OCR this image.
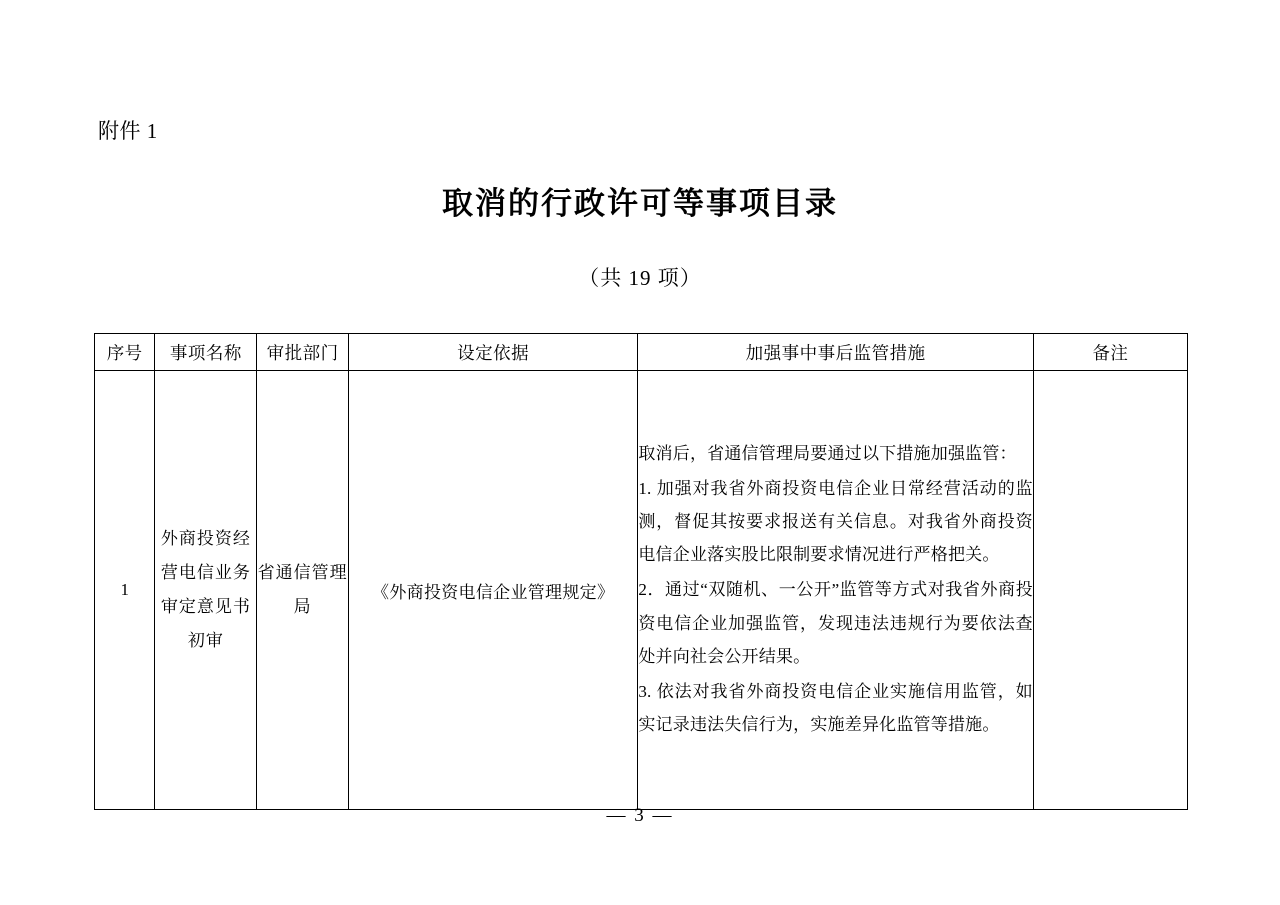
附件 1
取消的行政许可等事项目录
（共 19 项）
序号	事项名称	审批部门	设定依据	加强事中事后监管措施	备注
1	外商投资经营电信业务审定意见书初审	省通信管理局	《外商投资电信企业管理规定》	取消后，省通信管理局要通过以下措施加强监管：

1. 加强对我省外商投资电信企业日常经营活动的监测，督促其按要求报送有关信息。对我省外商投资电信企业落实股比限制要求情况进行严格把关。

2．通过“双随机、一公开”监管等方式对我省外商投资电信企业加强监管，发现违法违规行为要依法查处并向社会公开结果。

3. 依法对我省外商投资电信企业实施信用监管，如实记录违法失信行为，实施差异化监管等措施。	

— 3 —
